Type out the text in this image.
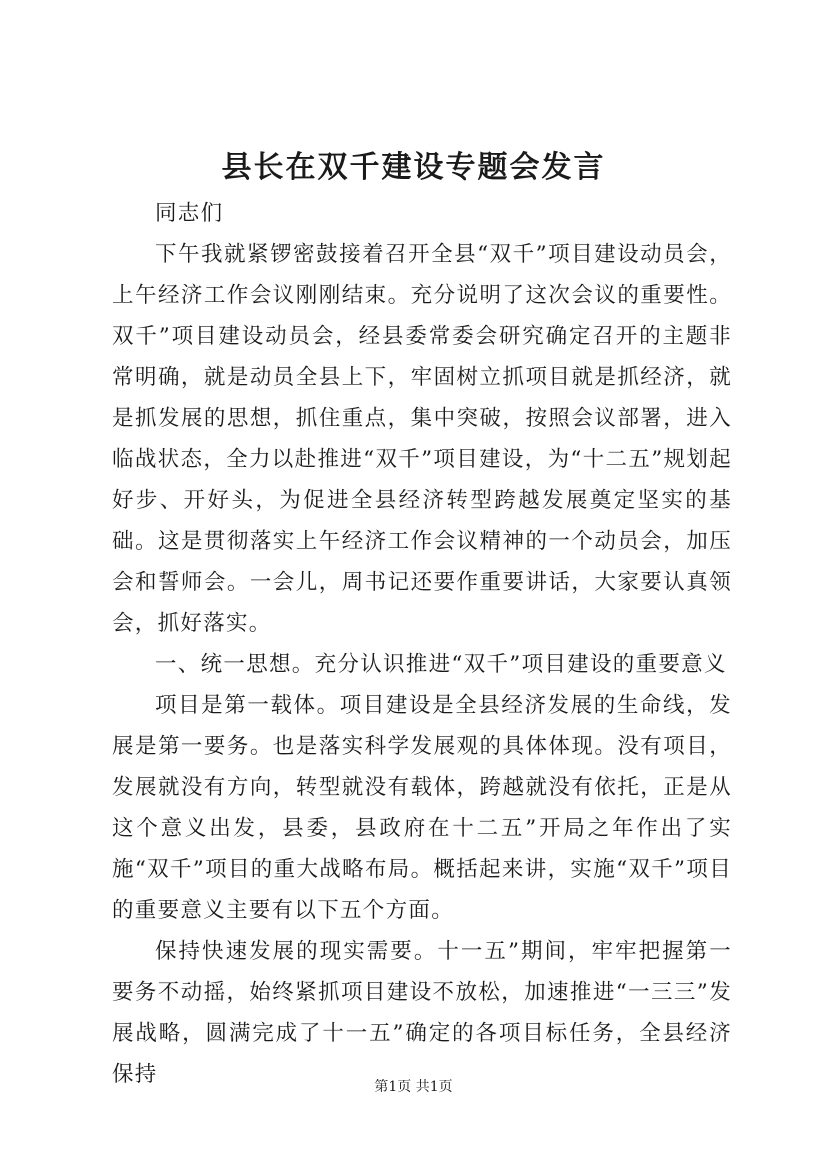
县长在双千建设专题会发言

同志们

下午我就紧锣密鼓接着召开全县“双千”项目建设动员会，上午经济工作会议刚刚结束。充分说明了这次会议的重要性。双千”项目建设动员会，经县委常委会研究确定召开的主题非常明确，就是动员全县上下，牢固树立抓项目就是抓经济，就是抓发展的思想，抓住重点，集中突破，按照会议部署，进入临战状态，全力以赴推进“双千”项目建设，为“十二五”规划起好步、开好头，为促进全县经济转型跨越发展奠定坚实的基础。这是贯彻落实上午经济工作会议精神的一个动员会，加压会和誓师会。一会儿，周书记还要作重要讲话，大家要认真领会，抓好落实。

一、统一思想。充分认识推进“双千”项目建设的重要意义

项目是第一载体。项目建设是全县经济发展的生命线，发展是第一要务。也是落实科学发展观的具体体现。没有项目，发展就没有方向，转型就没有载体，跨越就没有依托，正是从这个意义出发，县委，县政府在十二五”开局之年作出了实施“双千”项目的重大战略布局。概括起来讲，实施“双千”项目的重要意义主要有以下五个方面。

保持快速发展的现实需要。十一五”期间，牢牢把握第一要务不动摇，始终紧抓项目建设不放松，加速推进“一三三”发展战略，圆满完成了十一五”确定的各项目标任务，全县经济保持	第1页 共1页
